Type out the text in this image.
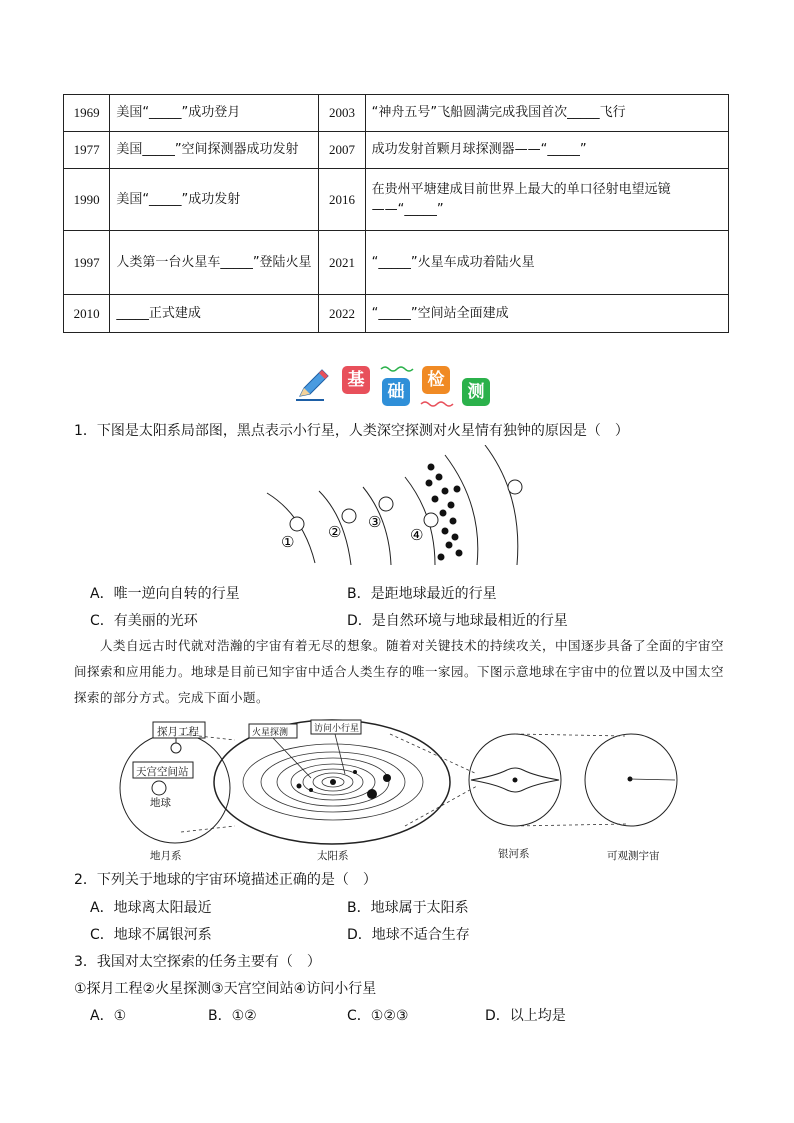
1969	美国“_____”成功登月	2003	“神舟五号”飞船圆满完成我国首次_____飞行
1977	美国_____”空间探测器成功发射	2007	成功发射首颗月球探测器——“_____”
1990	美国“_____”成功发射	2016	在贵州平塘建成目前世界上最大的单口径射电望远镜——“_____”
1997	人类第一台火星车_____”登陆火星	2021	“_____”火星车成功着陆火星
2010	_____正式建成	2022	“_____”空间站全面建成
基
础
检
测
1．下图是太阳系局部图，黑点表示小行星，人类深空探测对火星情有独钟的原因是（　）
①
②
③
④
A．唯一逆向自转的行星	B．是距地球最近的行星
C．有美丽的光环	D．是自然环境与地球最相近的行星
人类自远古时代就对浩瀚的宇宙有着无尽的想象。随着对关键技术的持续攻关，中国逐步具备了全面的宇宙空间探索和应用能力。地球是目前已知宇宙中适合人类生存的唯一家园。下图示意地球在宇宙中的位置以及中国太空探索的部分方式。完成下面小题。
探月工程
天宫空间站
地球
火星探测	访问小行星
地月系	太阳系	银河系	可观测宇宙
2．下列关于地球的宇宙环境描述正确的是（　）
A．地球离太阳最近	B．地球属于太阳系
C．地球不属银河系	D．地球不适合生存
3．我国对太空探索的任务主要有（　）
①探月工程②火星探测③天宫空间站④访问小行星
A．①	B．①②	C．①②③	D．以上均是
